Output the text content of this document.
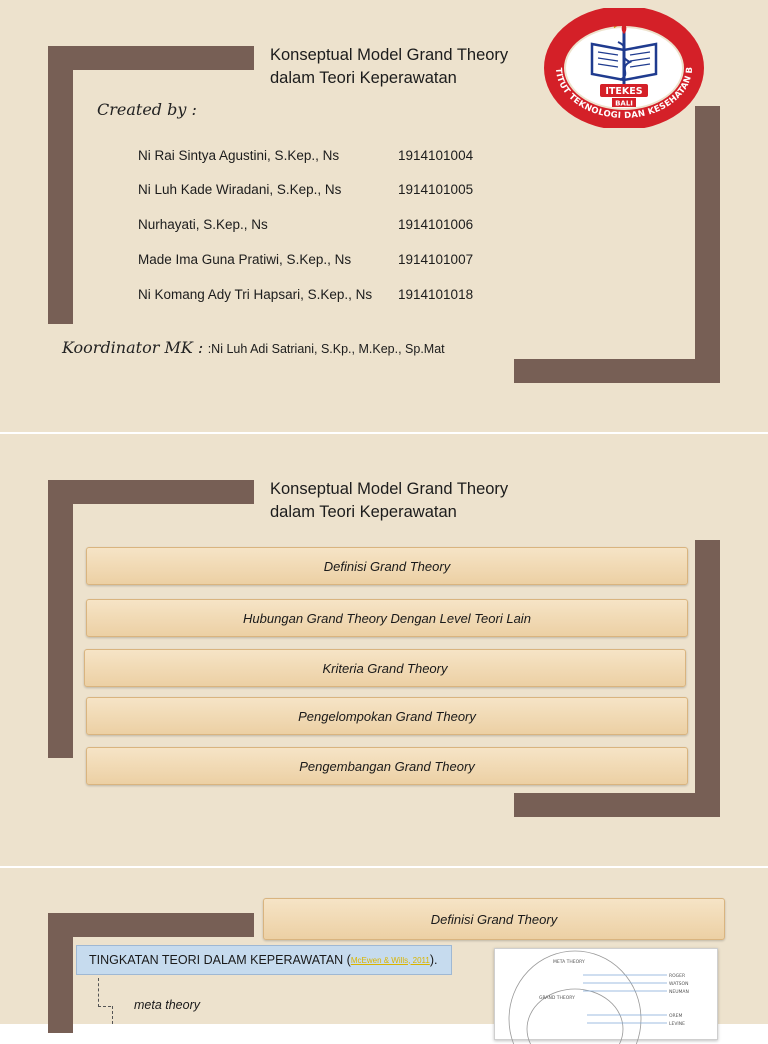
Konseptual Model Grand Theory
dalam Teori Keperawatan
Created by :
Ni Rai Sintya Agustini, S.Kep., Ns	1914101004
Ni Luh Kade Wiradani, S.Kep., Ns	1914101005
Nurhayati, S.Kep., Ns	1914101006
Made Ima Guna Pratiwi, S.Kep., Ns	1914101007
Ni Komang Ady Tri Hapsari, S.Kep., Ns 1914101018
Koordinator MK : :Ni Luh Adi Satriani, S.Kp., M.Kep., Sp.Mat
TITUT TEKNOLOGI DAN KESEHATAN B
ITEKES
BALI
Konseptual Model Grand Theory
dalam Teori Keperawatan
Definisi Grand Theory
Hubungan Grand Theory Dengan Level Teori Lain
Kriteria Grand Theory
Pengelompokan Grand Theory
Pengembangan Grand Theory
Definisi Grand Theory
TINGKATAN TEORI DALAM KEPERAWATAN ( McEwen & Wills, 2011 ).
meta theory
META THEORY
GRAND THEORY
ROGER
WATSON
NEUMAN
OREM
LEVINE
